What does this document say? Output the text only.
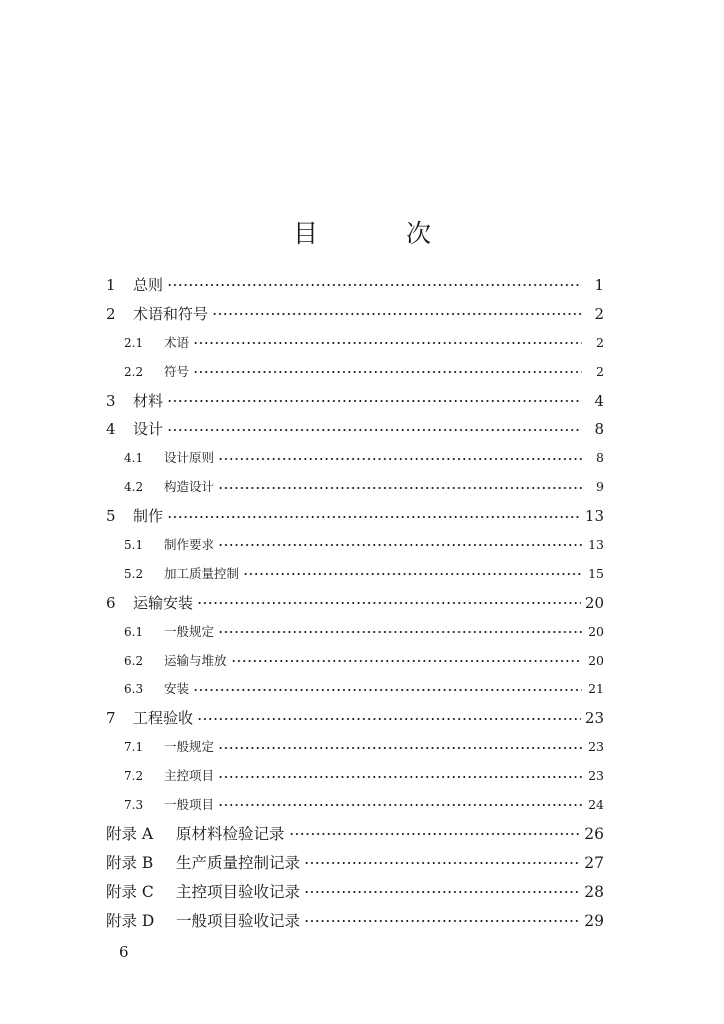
目 次
1	总则	1
2	术语和符号	2
2.1	术语	2
2.2	符号	2
3	材料	4
4	设计	8
4.1	设计原则	8
4.2	构造设计	9
5	制作	13
5.1	制作要求	13
5.2	加工质量控制	15
6	运输安装	20
6.1	一般规定	20
6.2	运输与堆放	20
6.3	安装	21
7	工程验收	23
7.1	一般规定	23
7.2	主控项目	23
7.3	一般项目	24
附录 A	原材料检验记录	26
附录 B	生产质量控制记录	27
附录 C	主控项目验收记录	28
附录 D	一般项目验收记录	29
6
